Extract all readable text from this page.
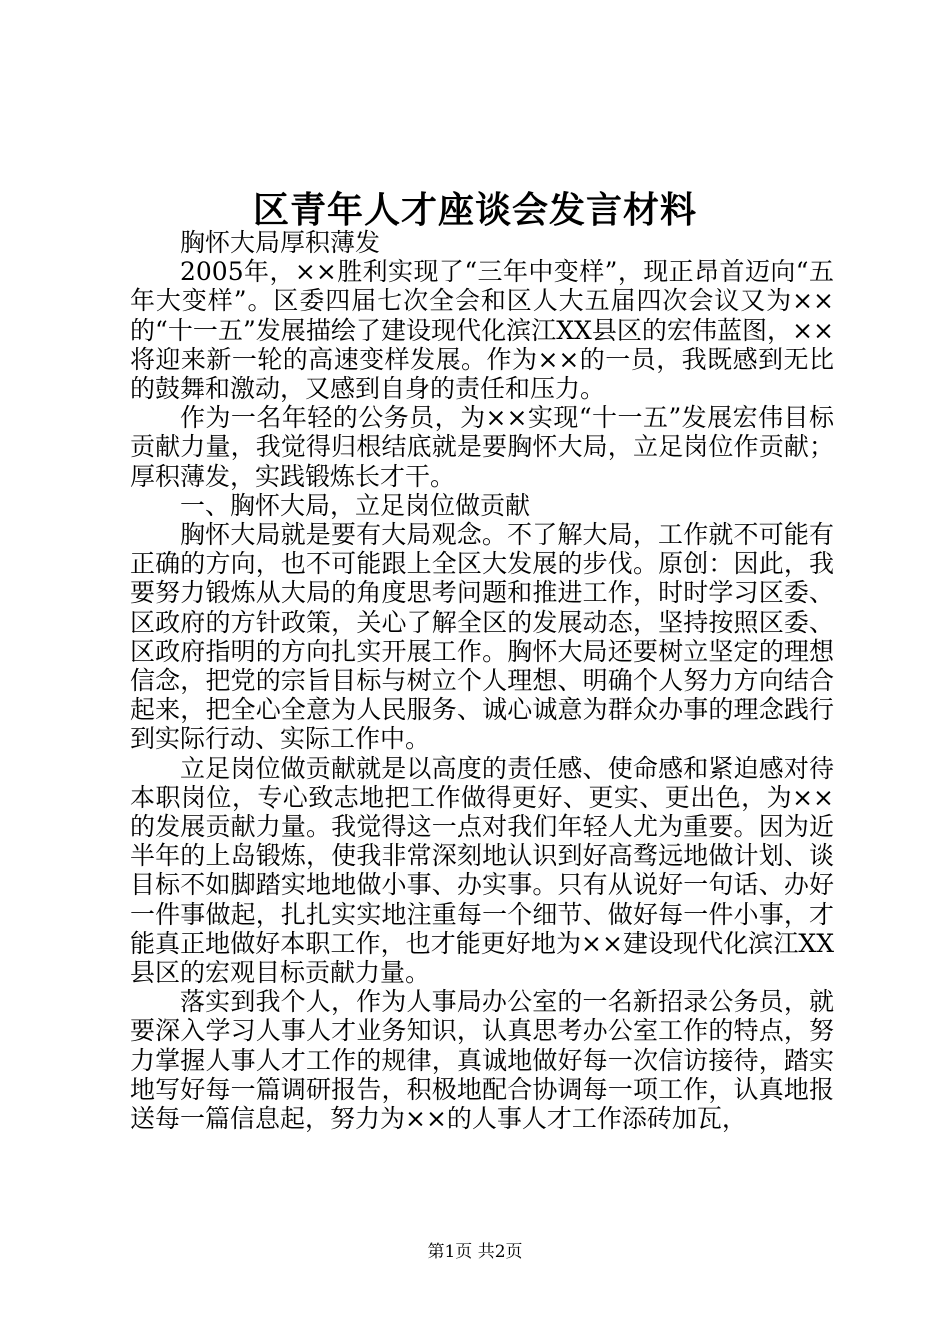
区青年人才座谈会发言材料

胸怀大局厚积薄发

2005年，××胜利实现了“三年中变样”，现正昂首迈向“五年大变样”。区委四届七次全会和区人大五届四次会议又为××的“十一五”发展描绘了建设现代化滨江XX县区的宏伟蓝图，××将迎来新一轮的高速变样发展。作为××的一员，我既感到无比的鼓舞和激动，又感到自身的责任和压力。

作为一名年轻的公务员，为××实现“十一五”发展宏伟目标贡献力量，我觉得归根结底就是要胸怀大局，立足岗位作贡献；厚积薄发，实践锻炼长才干。

一、胸怀大局，立足岗位做贡献

胸怀大局就是要有大局观念。不了解大局，工作就不可能有正确的方向，也不可能跟上全区大发展的步伐。原创：因此，我要努力锻炼从大局的角度思考问题和推进工作，时时学习区委、区政府的方针政策，关心了解全区的发展动态，坚持按照区委、区政府指明的方向扎实开展工作。胸怀大局还要树立坚定的理想信念，把党的宗旨目标与树立个人理想、明确个人努力方向结合起来，把全心全意为人民服务、诚心诚意为群众办事的理念践行到实际行动、实际工作中。

立足岗位做贡献就是以高度的责任感、使命感和紧迫感对待本职岗位，专心致志地把工作做得更好、更实、更出色，为××的发展贡献力量。我觉得这一点对我们年轻人尤为重要。因为近半年的上岛锻炼，使我非常深刻地认识到好高骛远地做计划、谈目标不如脚踏实地地做小事、办实事。只有从说好一句话、办好一件事做起，扎扎实实地注重每一个细节、做好每一件小事，才能真正地做好本职工作，也才能更好地为××建设现代化滨江XX县区的宏观目标贡献力量。

落实到我个人，作为人事局办公室的一名新招录公务员，就要深入学习人事人才业务知识，认真思考办公室工作的特点，努力掌握人事人才工作的规律，真诚地做好每一次信访接待，踏实地写好每一篇调研报告，积极地配合协调每一项工作，认真地报送每一篇信息起，努力为××的人事人才工作添砖加瓦，

第1页 共2页
